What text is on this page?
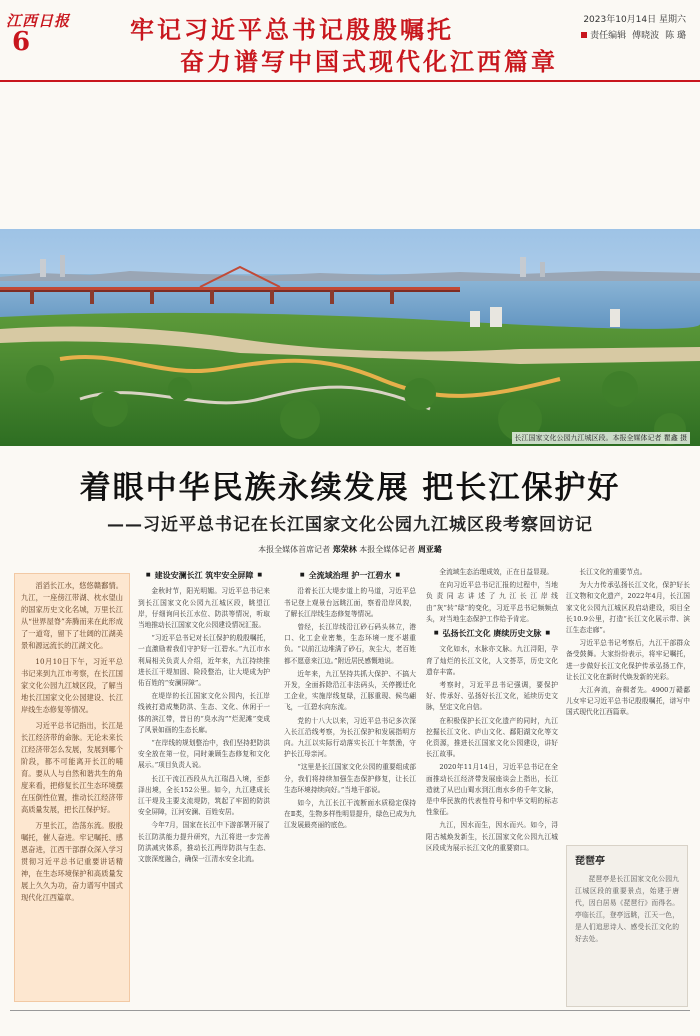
江西日报
6	牢记习近平总书记殷殷嘱托
奋力谱写中国式现代化江西篇章
2023年10月14日 星期六
责任编辑 傅晓波 陈 璐
长江国家文化公园九江城区段。本报全媒体记者 瞿鑫 摄
着眼中华民族永续发展 把长江保护好
——习近平总书记在长江国家文化公园九江城区段考察回访记
本报全媒体首席记者 郑荣林 本报全媒体记者 周亚璐

滔滔长江水，悠悠赣鄱情。九江，一座傍江带湖、枕水望山的国家历史文化名城，万里长江从“世界屋脊”奔腾而来在此形成了一道弯，留下了壮阔的江湖美景和源远流长的江湖文化。

10月10日下午，习近平总书记来到九江市考察，在长江国家文化公园九江城区段，了解当地长江国家文化公园建设、长江岸线生态修复等情况。

习近平总书记指出，长江是长江经济带的命脉。无论未来长江经济带怎么发展，发展到哪个阶段，都不可能离开长江的哺育。要从人与自然和谐共生的角度来看，把修复长江生态环境摆在压倒性位置，推动长江经济带高质量发展，把长江保护好。

万里长江，浩荡东流。殷殷嘱托，催人奋进。牢记嘱托、感恩奋进，江西干部群众深入学习贯彻习近平总书记重要讲话精神，在生态环境保护和高质量发展上久久为功，奋力谱写中国式现代化江西篇章。

■ 建设安澜长江 筑牢安全屏障 ■

金秋时节，阳光明媚。习近平总书记来到长江国家文化公园九江城区段，眺望江岸，仔细询问长江水位、防洪等情况，听取当地推动长江国家文化公园建设情况汇报。

“习近平总书记对长江保护的殷殷嘱托，一直激励着我们守护好一江碧水。”九江市水利局相关负责人介绍，近年来，九江持续推进长江干堤加固、险段整治，让大堤成为护佑百姓的“安澜屏障”。

在堤岸的长江国家文化公园内，长江岸线被打造成集防洪、生态、文化、休闲于一体的滨江带，昔日的“臭水沟”“烂泥滩”变成了风景如画的生态长廊。

“在岸线的规划整治中，我们坚持把防洪安全放在第一位，同时兼顾生态修复和文化展示。”项目负责人说。

长江干流江西段从九江瑞昌入境，至彭泽出境，全长152公里。如今，九江建成长江干堤及主要支流堤防，筑起了牢固的防洪安全屏障，江河安澜、百姓安居。

今年7月，国家在长江中下游部署开展了长江防洪能力提升研究，九江将进一步完善防洪减灾体系，推动长江两岸防洪与生态、文旅深度融合，确保一江清水安全北流。

■ 全流域治理 护一江碧水 ■

沿着长江大堤步道上的马道，习近平总书记登上观景台远眺江面，察看沿岸风貌，了解长江岸线生态修复等情况。

曾经，长江岸线沿江砂石码头林立，港口、化工企业密集，生态环境一度不堪重负。“以前江边堆满了砂石，灰尘大，老百姓都不愿意来江边。”附近居民感慨地说。

近年来，九江坚持共抓大保护、不搞大开发，全面拆除沿江非法码头，关停搬迁化工企业，实施岸线复绿，江豚重现、候鸟翩飞，一江碧水向东流。

党的十八大以来，习近平总书记多次深入长江沿线考察，为长江保护和发展指明方向。九江以实际行动落实长江十年禁渔，守护长江母亲河。

“这里是长江国家文化公园的重要组成部分，我们将持续加强生态保护修复，让长江生态环境持续向好。”当地干部说。

如今，九江长江干流断面水质稳定保持在Ⅱ类，生物多样性明显提升，绿色已成为九江发展最亮丽的底色。

全流域生态治理成效，正在日益显现。

在向习近平总书记汇报的过程中，当地负责同志讲述了九江长江岸线由“灰”转“绿”的变化，习近平总书记频频点头，对当地生态保护工作给予肯定。

■ 弘扬长江文化 赓续历史文脉 ■

文化如水，水脉亦文脉。九江浔阳，孕育了灿烂的长江文化，人文荟萃，历史文化遗存丰富。

考察时，习近平总书记强调，要保护好、传承好、弘扬好长江文化，延续历史文脉，坚定文化自信。

在积极保护长江文化遗产的同时，九江挖掘长江文化、庐山文化、鄱阳湖文化等文化资源，推进长江国家文化公园建设，讲好长江故事。

2020年11月14日，习近平总书记在全面推动长江经济带发展座谈会上指出，长江造就了从巴山蜀水到江南水乡的千年文脉，是中华民族的代表性符号和中华文明的标志性象征。

九江，因水而生，因水而兴。如今，浔阳古城焕发新生，长江国家文化公园九江城区段成为展示长江文化的重要窗口。

长江文化的重要节点。

为大力传承弘扬长江文化，保护好长江文物和文化遗产，2022年4月，长江国家文化公园九江城区段启动建设，项目全长10.9公里，打造“长江文化展示带、滨江生态走廊”。

习近平总书记考察后，九江干部群众备受鼓舞。大家纷纷表示，将牢记嘱托，进一步做好长江文化保护传承弘扬工作，让长江文化在新时代焕发新的光彩。

大江奔流，奋楫者先。4900万赣鄱儿女牢记习近平总书记殷殷嘱托，谱写中国式现代化江西篇章。

琵琶亭
琵琶亭是长江国家文化公园九江城区段的重要景点，始建于唐代，因白居易《琵琶行》而得名。亭临长江，登亭远眺，江天一色，是人们追思诗人、感受长江文化的好去处。
